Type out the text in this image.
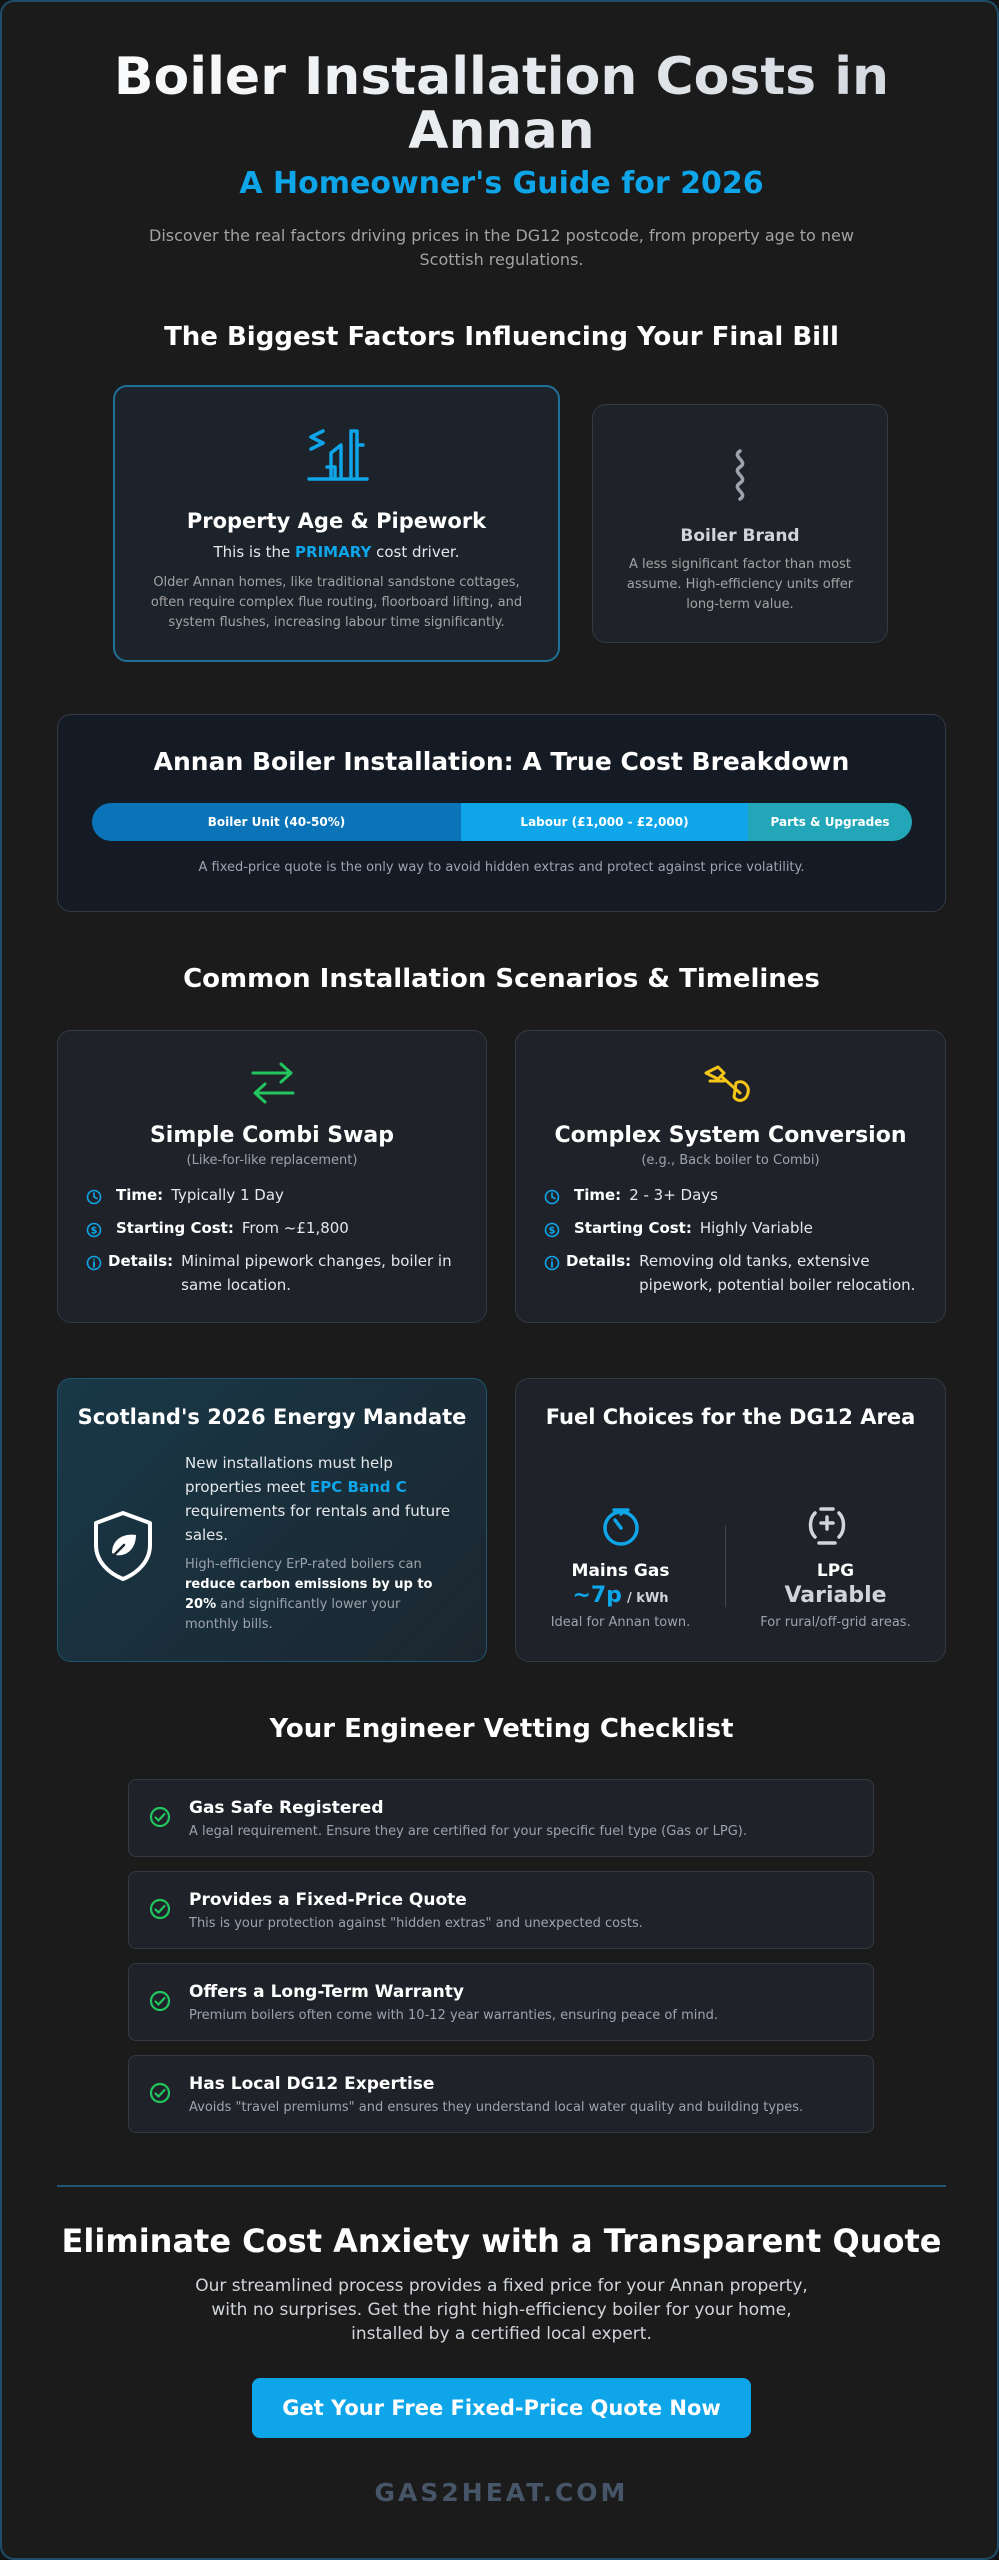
Boiler Installation Costs in
Annan
A Homeowner's Guide for 2026
Discover the real factors driving prices in the DG12 postcode, from property age to new
Scottish regulations.
The Biggest Factors Influencing Your Final Bill
Property Age & Pipework
This is the PRIMARY cost driver.
Older Annan homes, like traditional sandstone cottages,
often require complex flue routing, floorboard lifting, and
system flushes, increasing labour time significantly.
Boiler Brand
A less significant factor than most
assume. High-efficiency units offer
long-term value.
Annan Boiler Installation: A True Cost Breakdown
Boiler Unit (40-50%)	Labour (£1,000 - £2,000)	Parts & Upgrades
A fixed-price quote is the only way to avoid hidden extras and protect against price volatility.
Common Installation Scenarios & Timelines
Simple Combi Swap
(Like-for-like replacement)
Time: Typically 1 Day
$ Starting Cost: From ~£1,800
Details: Minimal pipework changes, boiler in
same location.
Complex System Conversion
(e.g., Back boiler to Combi)
Time: 2 - 3+ Days
$ Starting Cost: Highly Variable
Details: Removing old tanks, extensive
pipework, potential boiler relocation.
Scotland's 2026 Energy Mandate
New installations must help
properties meet EPC Band C
requirements for rentals and future
sales.
High-efficiency ErP-rated boilers can
reduce carbon emissions by up to
20% and significantly lower your
monthly bills.
Fuel Choices for the DG12 Area
Mains Gas
~7p / kWh
Ideal for Annan town.
LPG
Variable
For rural/off-grid areas.
Your Engineer Vetting Checklist
Gas Safe Registered
A legal requirement. Ensure they are certified for your specific fuel type (Gas or LPG).
Provides a Fixed-Price Quote
This is your protection against "hidden extras" and unexpected costs.
Offers a Long-Term Warranty
Premium boilers often come with 10-12 year warranties, ensuring peace of mind.
Has Local DG12 Expertise
Avoids "travel premiums" and ensures they understand local water quality and building types.
Eliminate Cost Anxiety with a Transparent Quote
Our streamlined process provides a fixed price for your Annan property,
with no surprises. Get the right high-efficiency boiler for your home,
installed by a certified local expert.
Get Your Free Fixed-Price Quote Now
GAS2HEAT.COM
